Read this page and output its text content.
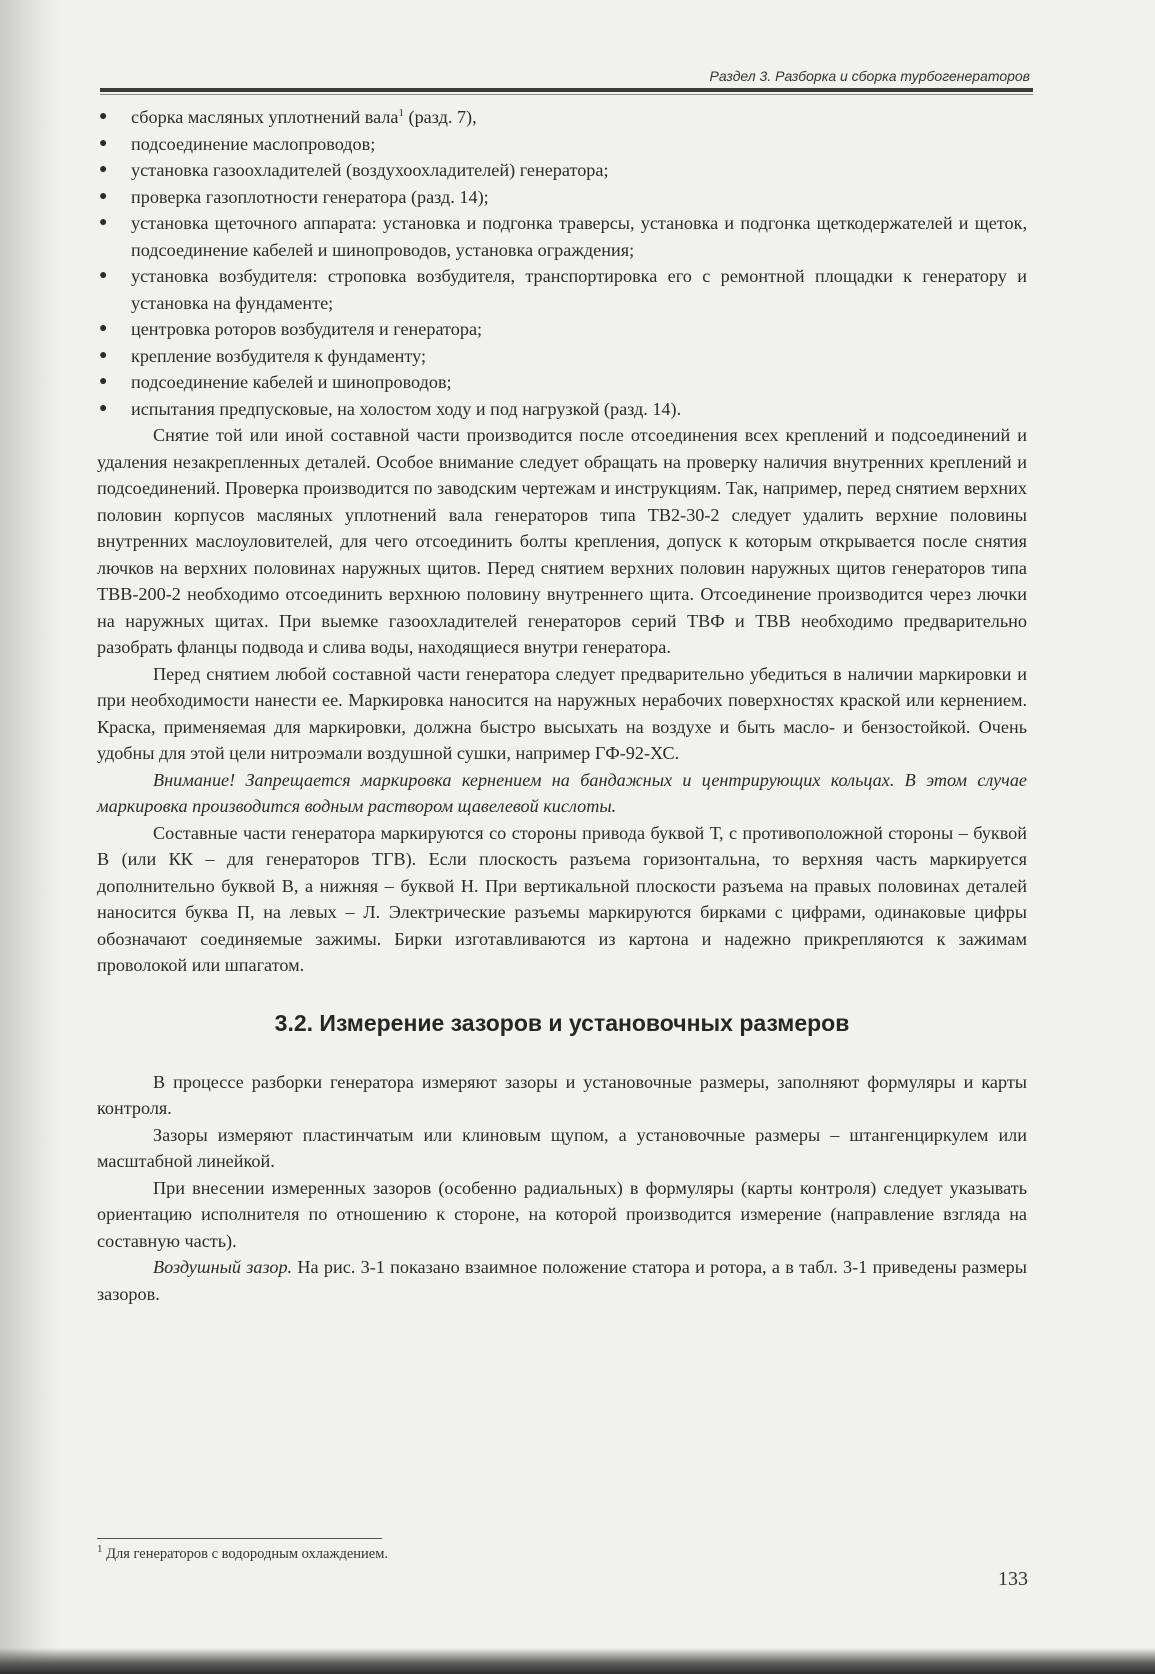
Раздел 3. Разборка и сборка турбогенераторов
● сборка масляных уплотнений вала$^1$ (разд. 7),
● подсоединение маслопроводов;
● установка газоохладителей (воздухоохладителей) генератора;
● проверка газоплотности генератора (разд. 14);
● установка щеточного аппарата: установка и подгонка траверсы, установка и подгонка щеткодержателей и щеток, подсоединение кабелей и шинопроводов, установка ограждения;
● установка возбудителя: строповка возбудителя, транспортировка его с ремонтной площадки к генератору и установка на фундаменте;
● центровка роторов возбудителя и генератора;
● крепление возбудителя к фундаменту;
● подсоединение кабелей и шинопроводов;
● испытания предпусковые, на холостом ходу и под нагрузкой (разд. 14).

Снятие той или иной составной части производится после отсоединения всех креплений и подсоединений и удаления незакрепленных деталей. Особое внимание следует обращать на проверку наличия внутренних креплений и подсоединений. Проверка производится по заводским чертежам и инструкциям. Так, например, перед снятием верхних половин корпусов масляных уплотнений вала генераторов типа ТВ2-30-2 следует удалить верхние половины внутренних маслоуловителей, для чего отсоединить болты крепления, допуск к которым открывается после снятия лючков на верхних половинах наружных щитов. Перед снятием верхних половин наружных щитов генераторов типа ТВВ-200-2 необходимо отсоединить верхнюю половину внутреннего щита. Отсоединение производится через лючки на наружных щитах. При выемке газоохладителей генераторов серий ТВФ и ТВВ необходимо предварительно разобрать фланцы подвода и слива воды, находящиеся внутри генератора.

Перед снятием любой составной части генератора следует предварительно убедиться в наличии маркировки и при необходимости нанести ее. Маркировка наносится на наружных нерабочих поверхностях краской или кернением. Краска, применяемая для маркировки, должна быстро высыхать на воздухе и быть масло- и бензостойкой. Очень удобны для этой цели нитроэмали воздушной сушки, например ГФ-92-ХС.

Внимание! Запрещается маркировка кернением на бандажных и центрирующих кольцах. В этом случае маркировка производится водным раствором щавелевой кислоты.

Составные части генератора маркируются со стороны привода буквой Т, с противоположной стороны – буквой В (или КК – для генераторов ТГВ). Если плоскость разъема горизонтальна, то верхняя часть маркируется дополнительно буквой В, а нижняя – буквой Н. При вертикальной плоскости разъема на правых половинах деталей наносится буква П, на левых – Л. Электрические разъемы маркируются бирками с цифрами, одинаковые цифры обозначают соединяемые зажимы. Бирки изготавливаются из картона и надежно прикрепляются к зажимам проволокой или шпагатом.

3.2. Измерение зазоров и установочных размеров

В процессе разборки генератора измеряют зазоры и установочные размеры, заполняют формуляры и карты контроля.

Зазоры измеряют пластинчатым или клиновым щупом, а установочные размеры – штангенциркулем или масштабной линейкой.

При внесении измеренных зазоров (особенно радиальных) в формуляры (карты контроля) следует указывать ориентацию исполнителя по отношению к стороне, на которой производится измерение (направление взгляда на составную часть).

Воздушный зазор. На рис. 3-1 показано взаимное положение статора и ротора, а в табл. 3-1 приведены размеры зазоров.

$^1$ Для генераторов с водородным охлаждением.
133
